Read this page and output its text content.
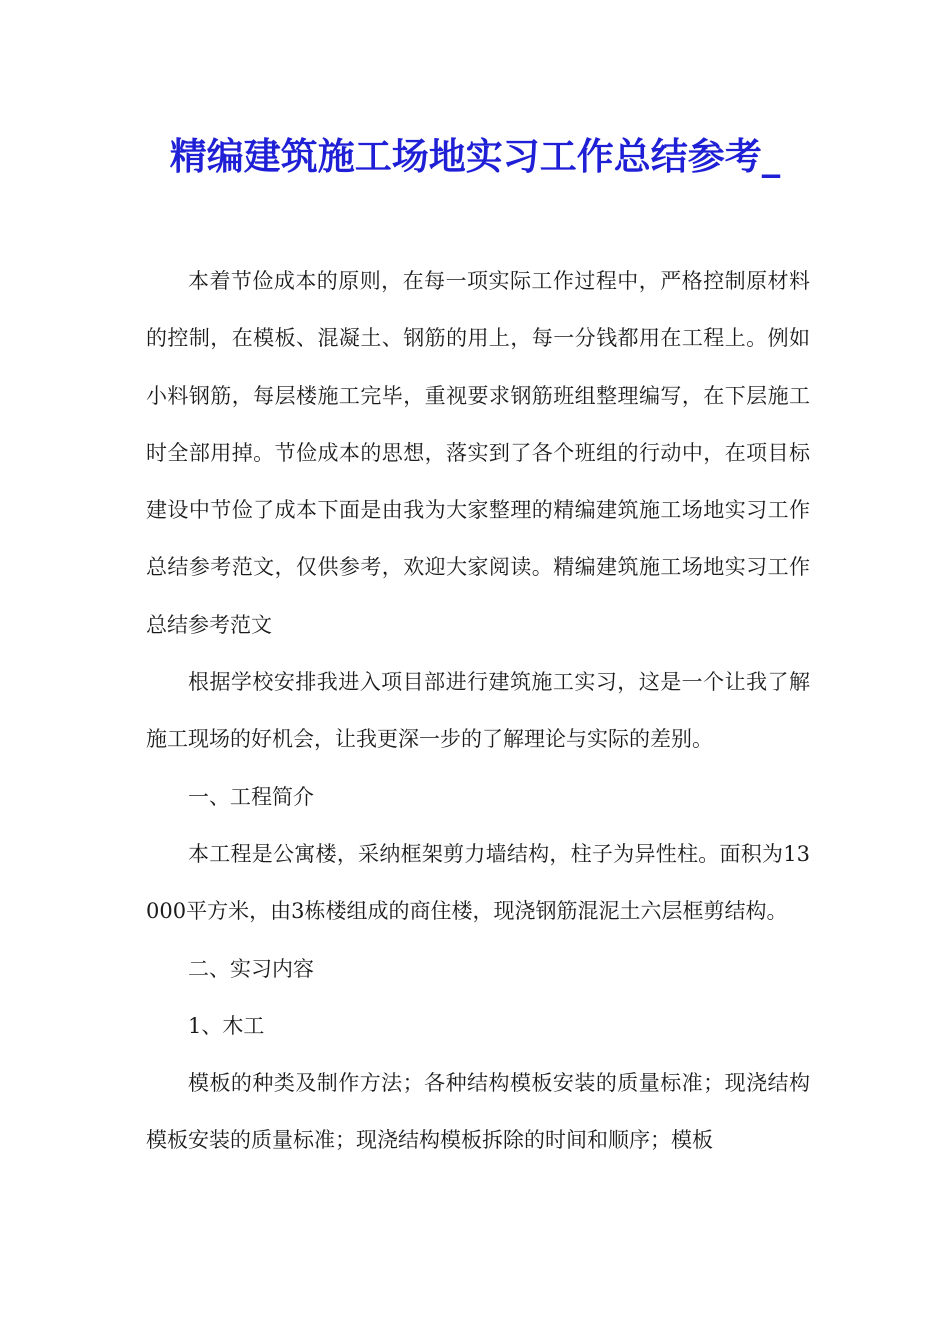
精编建筑施工场地实习工作总结参考_

本着节俭成本的原则，在每一项实际工作过程中，严格控制原材料的控制，在模板、混凝土、钢筋的用上，每一分钱都用在工程上。例如小料钢筋，每层楼施工完毕，重视要求钢筋班组整理编写，在下层施工时全部用掉。节俭成本的思想，落实到了各个班组的行动中，在项目标建设中节俭了成本下面是由我为大家整理的精编建筑施工场地实习工作总结参考范文，仅供参考，欢迎大家阅读。精编建筑施工场地实习工作总结参考范文

根据学校安排我进入项目部进行建筑施工实习，这是一个让我了解施工现场的好机会，让我更深一步的了解理论与实际的差别。

一、工程简介

本工程是公寓楼，采纳框架剪力墙结构，柱子为异性柱。面积为13000平方米，由3栋楼组成的商住楼，现浇钢筋混泥土六层框剪结构。

二、实习内容

1、木工

模板的种类及制作方法；各种结构模板安装的质量标准；现浇结构模板安装的质量标准；现浇结构模板拆除的时间和顺序；模板
